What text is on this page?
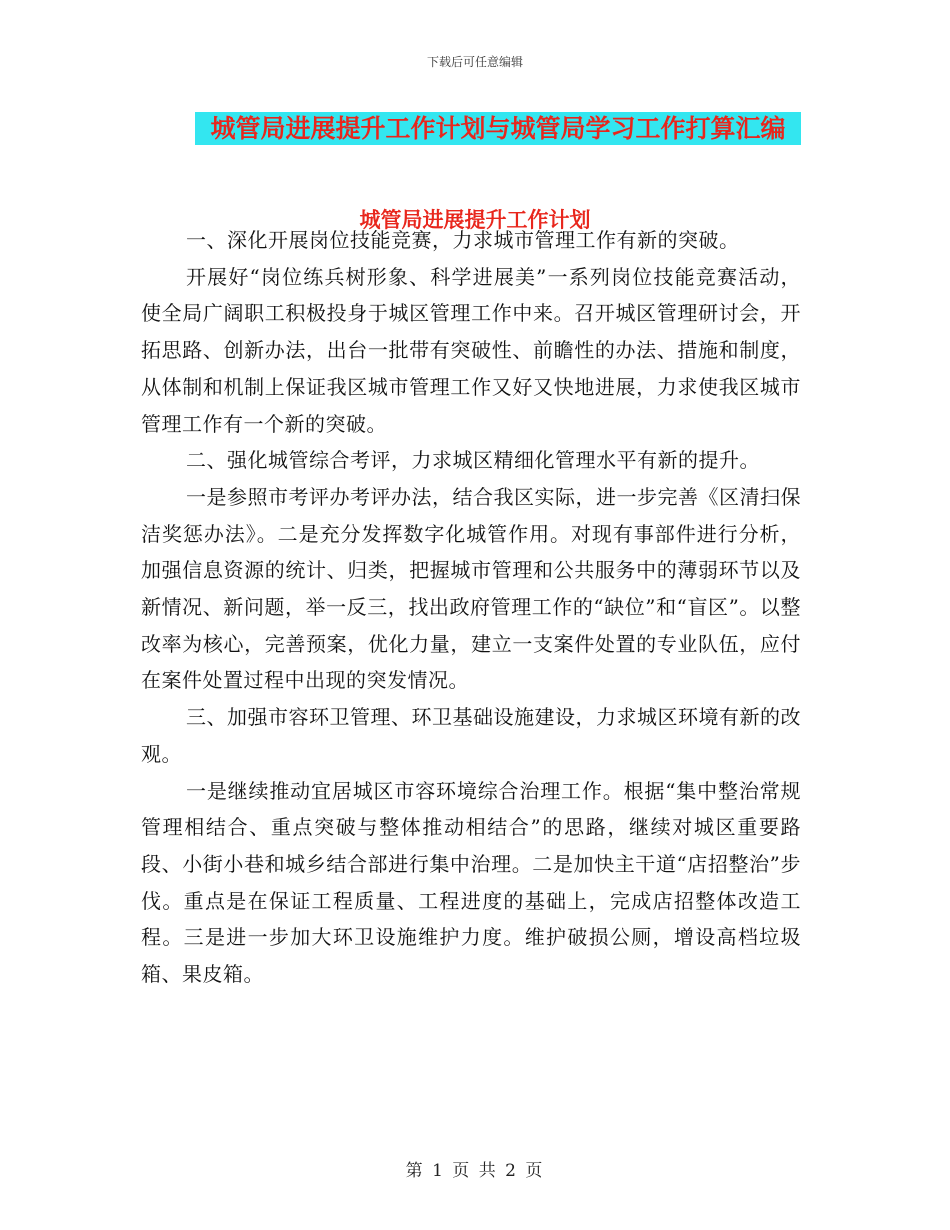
下载后可任意编辑
城管局进展提升工作计划与城管局学习工作打算汇编
城管局进展提升工作计划

一、深化开展岗位技能竞赛，力求城市管理工作有新的突破。

开展好“岗位练兵树形象、科学进展美”一系列岗位技能竞赛活动，使全局广阔职工积极投身于城区管理工作中来。召开城区管理研讨会，开拓思路、创新办法，出台一批带有突破性、前瞻性的办法、措施和制度，从体制和机制上保证我区城市管理工作又好又快地进展，力求使我区城市管理工作有一个新的突破。

二、强化城管综合考评，力求城区精细化管理水平有新的提升。

一是参照市考评办考评办法，结合我区实际，进一步完善《区清扫保洁奖惩办法》。二是充分发挥数字化城管作用。对现有事部件进行分析，加强信息资源的统计、归类，把握城市管理和公共服务中的薄弱环节以及新情况、新问题，举一反三，找出政府管理工作的“缺位”和“盲区”。以整改率为核心，完善预案，优化力量，建立一支案件处置的专业队伍，应付在案件处置过程中出现的突发情况。

三、加强市容环卫管理、环卫基础设施建设，力求城区环境有新的改观。

一是继续推动宜居城区市容环境综合治理工作。根据“集中整治常规管理相结合、重点突破与整体推动相结合”的思路，继续对城区重要路段、小街小巷和城乡结合部进行集中治理。二是加快主干道“店招整治”步伐。重点是在保证工程质量、工程进度的基础上，完成店招整体改造工程。三是进一步加大环卫设施维护力度。维护破损公厕，增设高档垃圾箱、果皮箱。

第 1 页 共 2 页
